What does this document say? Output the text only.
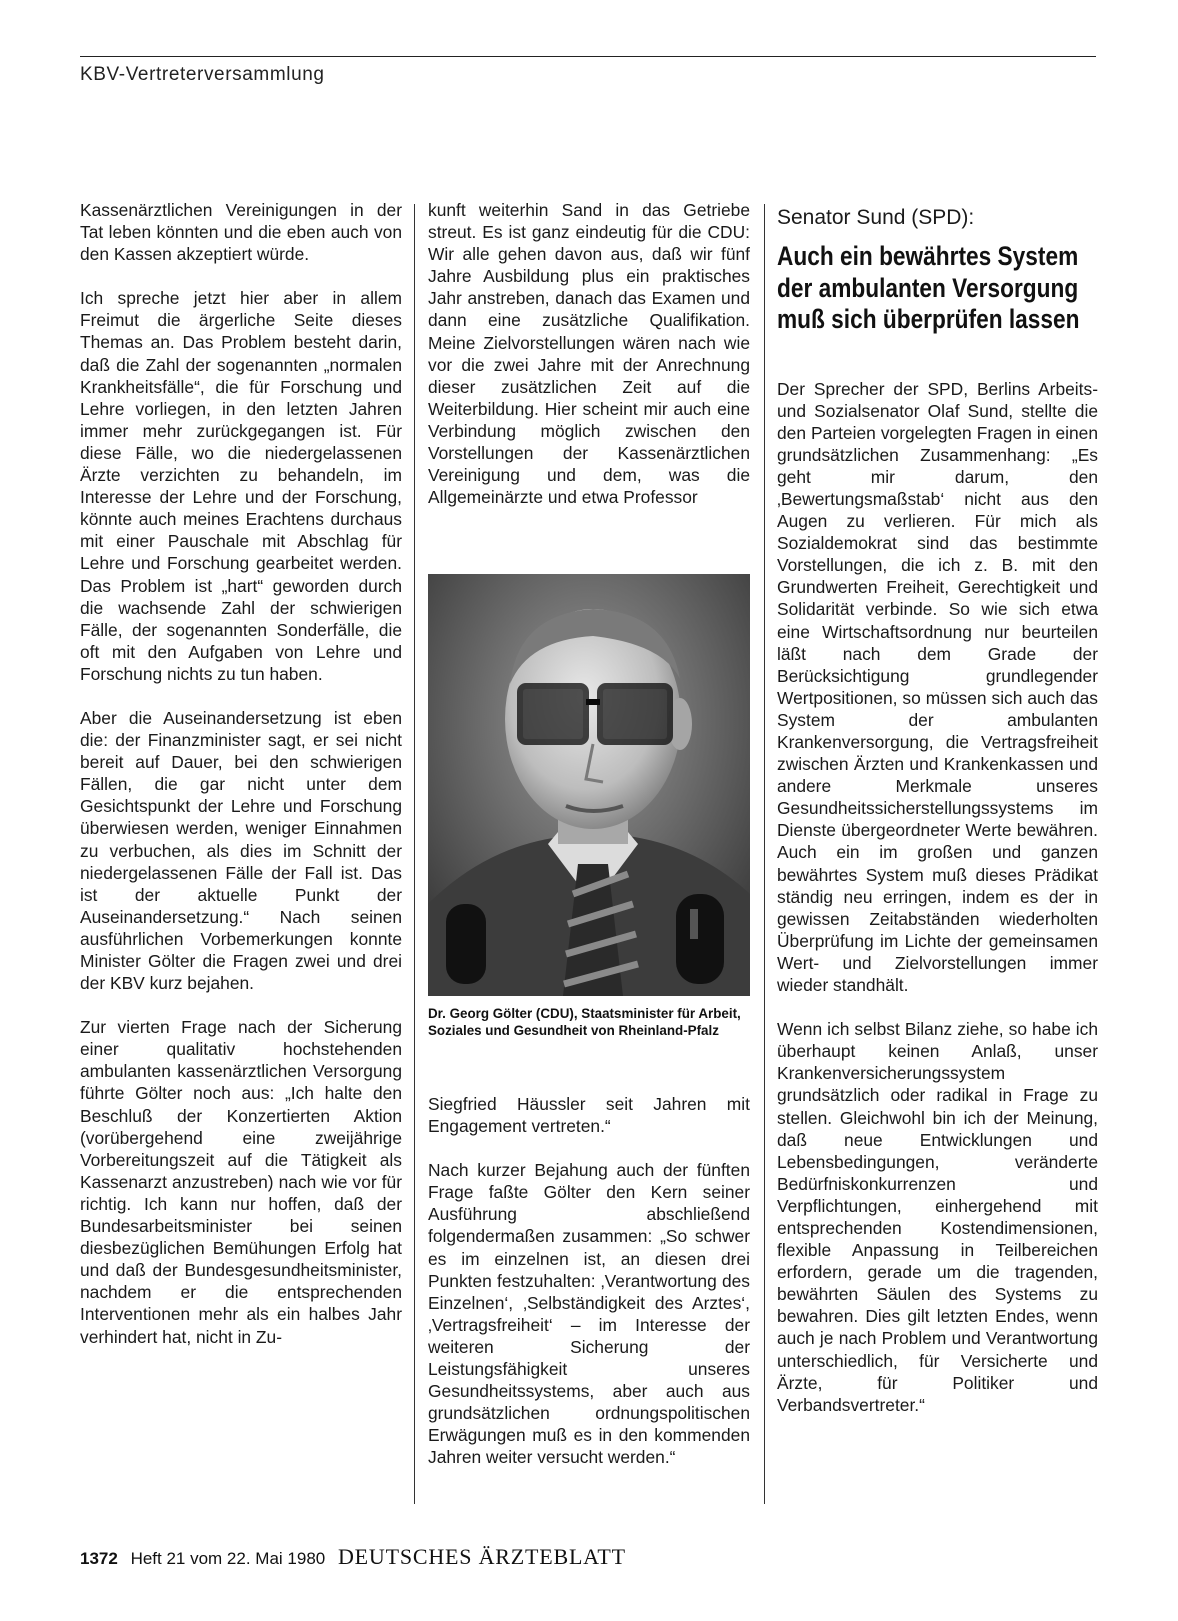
KBV-Vertreterversammlung

Kassenärztlichen Vereinigungen in der Tat leben könnten und die eben auch von den Kassen akzeptiert würde.

Ich spreche jetzt hier aber in allem Freimut die ärgerliche Seite dieses Themas an. Das Problem besteht darin, daß die Zahl der sogenannten „normalen Krankheitsfälle“, die für Forschung und Lehre vorliegen, in den letzten Jahren immer mehr zurückgegangen ist. Für diese Fälle, wo die niedergelassenen Ärzte verzichten zu behandeln, im Interesse der Lehre und der Forschung, könnte auch meines Erachtens durchaus mit einer Pauschale mit Abschlag für Lehre und Forschung gearbeitet werden. Das Problem ist „hart“ geworden durch die wachsende Zahl der schwierigen Fälle, der sogenannten Sonderfälle, die oft mit den Aufgaben von Lehre und Forschung nichts zu tun haben.

Aber die Auseinandersetzung ist eben die: der Finanzminister sagt, er sei nicht bereit auf Dauer, bei den schwierigen Fällen, die gar nicht unter dem Gesichtspunkt der Lehre und Forschung überwiesen werden, weniger Einnahmen zu verbuchen, als dies im Schnitt der niedergelassenen Fälle der Fall ist. Das ist der aktuelle Punkt der Auseinandersetzung.“ Nach seinen ausführlichen Vorbemerkungen konnte Minister Gölter die Fragen zwei und drei der KBV kurz bejahen.

Zur vierten Frage nach der Sicherung einer qualitativ hochstehenden ambulanten kassenärztlichen Versorgung führte Gölter noch aus: „Ich halte den Beschluß der Konzertierten Aktion (vorübergehend eine zweijährige Vorbereitungszeit auf die Tätigkeit als Kassenarzt anzustreben) nach wie vor für richtig. Ich kann nur hoffen, daß der Bundesarbeitsminister bei seinen diesbezüglichen Bemühungen Erfolg hat und daß der Bundesgesundheitsminister, nachdem er die entsprechenden Interventionen mehr als ein halbes Jahr verhindert hat, nicht in Zu-

kunft weiterhin Sand in das Getriebe streut. Es ist ganz eindeutig für die CDU: Wir alle gehen davon aus, daß wir fünf Jahre Ausbildung plus ein praktisches Jahr anstreben, danach das Examen und dann eine zusätzliche Qualifikation. Meine Zielvorstellungen wären nach wie vor die zwei Jahre mit der Anrechnung dieser zusätzlichen Zeit auf die Weiterbildung. Hier scheint mir auch eine Verbindung möglich zwischen den Vorstellungen der Kassenärztlichen Vereinigung und dem, was die Allgemeinärzte und etwa Professor

Dr. Georg Gölter (CDU), Staatsminister für Arbeit, Soziales und Gesundheit von Rheinland-Pfalz

Siegfried Häussler seit Jahren mit Engagement vertreten.“

Nach kurzer Bejahung auch der fünften Frage faßte Gölter den Kern seiner Ausführung abschließend folgendermaßen zusammen: „So schwer es im einzelnen ist, an diesen drei Punkten festzuhalten: ‚Verantwortung des Einzelnen‘, ‚Selbständigkeit des Arztes‘, ‚Vertragsfreiheit‘ – im Interesse der weiteren Sicherung der Leistungsfähigkeit unseres Gesundheitssystems, aber auch aus grundsätzlichen ordnungspolitischen Erwägungen muß es in den kommenden Jahren weiter versucht werden.“

Senator Sund (SPD):
Auch ein bewährtes System der ambulanten Versorgung muß sich überprüfen lassen

Der Sprecher der SPD, Berlins Arbeits- und Sozialsenator Olaf Sund, stellte die den Parteien vorgelegten Fragen in einen grundsätzlichen Zusammenhang: „Es geht mir darum, den ‚Bewertungsmaßstab‘ nicht aus den Augen zu verlieren. Für mich als Sozialdemokrat sind das bestimmte Vorstellungen, die ich z. B. mit den Grundwerten Freiheit, Gerechtigkeit und Solidarität verbinde. So wie sich etwa eine Wirtschaftsordnung nur beurteilen läßt nach dem Grade der Berücksichtigung grundlegender Wertpositionen, so müssen sich auch das System der ambulanten Krankenversorgung, die Vertragsfreiheit zwischen Ärzten und Krankenkassen und andere Merkmale unseres Gesundheitssicherstellungssystems im Dienste übergeordneter Werte bewähren. Auch ein im großen und ganzen bewährtes System muß dieses Prädikat ständig neu erringen, indem es der in gewissen Zeitabständen wiederholten Überprüfung im Lichte der gemeinsamen Wert- und Zielvorstellungen immer wieder standhält.

Wenn ich selbst Bilanz ziehe, so habe ich überhaupt keinen Anlaß, unser Krankenversicherungssystem grundsätzlich oder radikal in Frage zu stellen. Gleichwohl bin ich der Meinung, daß neue Entwicklungen und Lebensbedingungen, veränderte Bedürfniskonkurrenzen und Verpflichtungen, einhergehend mit entsprechenden Kostendimensionen, flexible Anpassung in Teilbereichen erfordern, gerade um die tragenden, bewährten Säulen des Systems zu bewahren. Dies gilt letzten Endes, wenn auch je nach Problem und Verantwortung unterschiedlich, für Versicherte und Ärzte, für Politiker und Verbandsvertreter.“

1372 Heft 21 vom 22. Mai 1980 DEUTSCHES ÄRZTEBLATT
